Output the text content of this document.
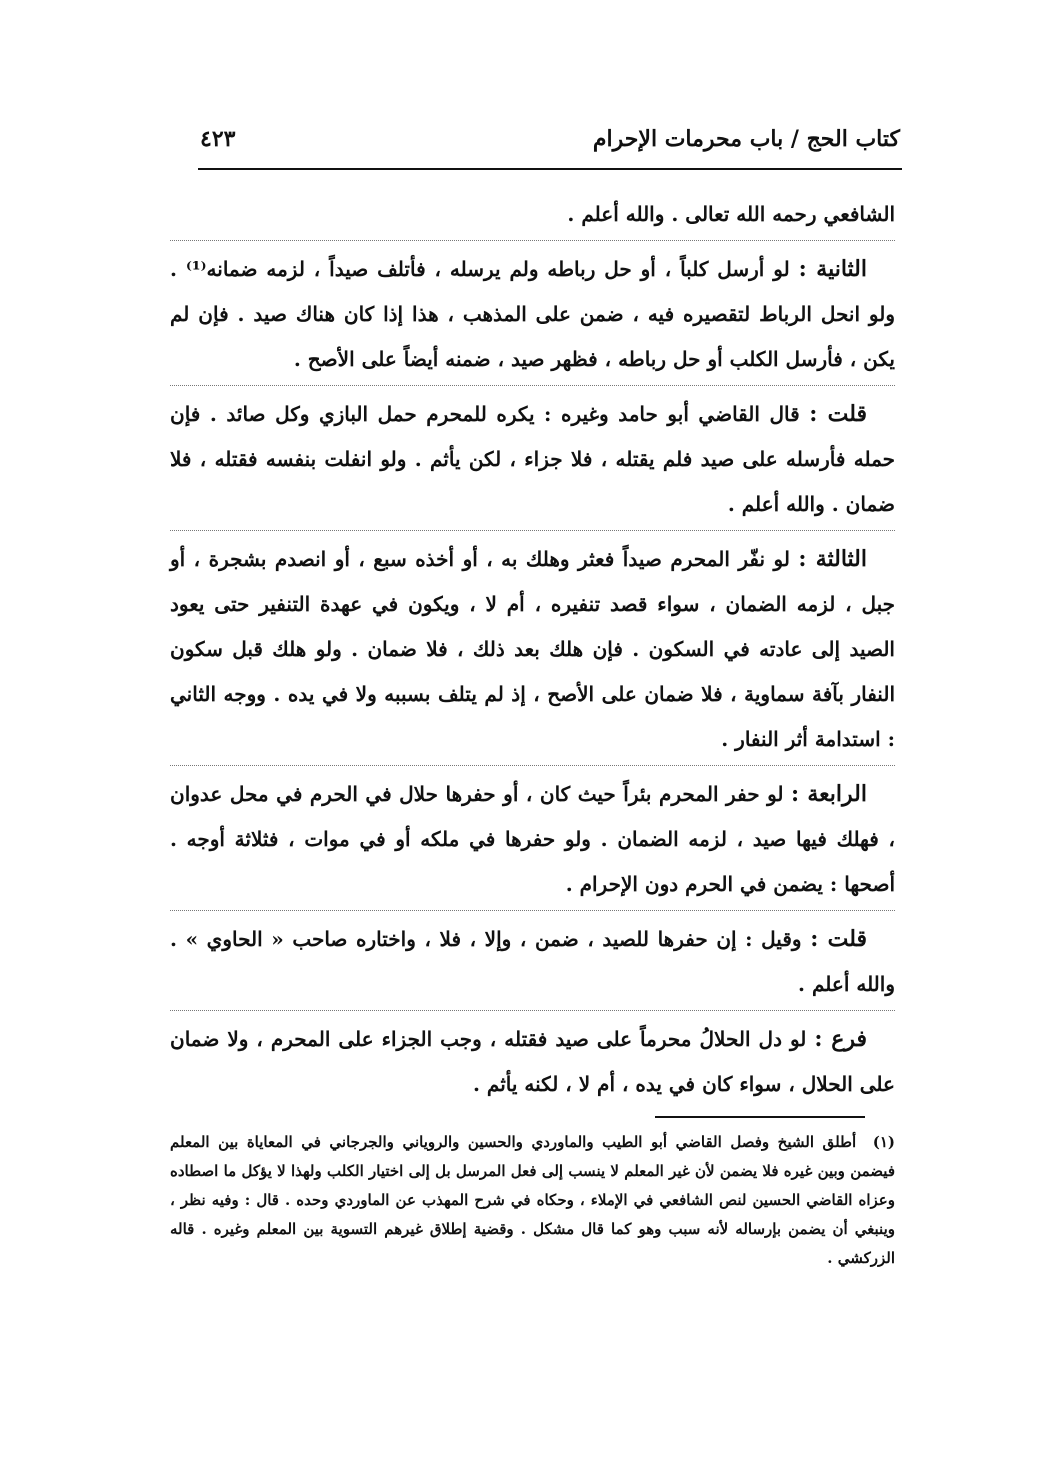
كتاب الحج / باب محرمات الإحرام
٤٢٣

الشافعي رحمه الله تعالى . والله أعلم .

الثانية : لو أرسل كلباً ، أو حل رباطه ولم يرسله ، فأتلف صيداً ، لزمه ضمانه⁽¹⁾ . ولو انحل الرباط لتقصيره فيه ، ضمن على المذهب ، هذا إذا كان هناك صيد . فإن لم يكن ، فأرسل الكلب أو حل رباطه ، فظهر صيد ، ضمنه أيضاً على الأصح .

قلت : قال القاضي أبو حامد وغيره : يكره للمحرم حمل البازي وكل صائد . فإن حمله فأرسله على صيد فلم يقتله ، فلا جزاء ، لكن يأثم . ولو انفلت بنفسه فقتله ، فلا ضمان . والله أعلم .

الثالثة : لو نفّر المحرم صيداً فعثر وهلك به ، أو أخذه سبع ، أو انصدم بشجرة ، أو جبل ، لزمه الضمان ، سواء قصد تنفيره ، أم لا ، ويكون في عهدة التنفير حتى يعود الصيد إلى عادته في السكون . فإن هلك بعد ذلك ، فلا ضمان . ولو هلك قبل سكون النفار بآفة سماوية ، فلا ضمان على الأصح ، إذ لم يتلف بسببه ولا في يده . ووجه الثاني : استدامة أثر النفار .

الرابعة : لو حفر المحرم بئراً حيث كان ، أو حفرها حلال في الحرم في محل عدوان ، فهلك فيها صيد ، لزمه الضمان . ولو حفرها في ملكه أو في موات ، فثلاثة أوجه . أصحها : يضمن في الحرم دون الإحرام .

قلت : وقيل : إن حفرها للصيد ، ضمن ، وإلا ، فلا ، واختاره صاحب « الحاوي » . والله أعلم .

فرع : لو دل الحلالُ محرماً على صيد فقتله ، وجب الجزاء على المحرم ، ولا ضمان على الحلال ، سواء كان في يده ، أم لا ، لكنه يأثم .

(١) أطلق الشيخ وفصل القاضي أبو الطيب والماوردي والحسين والروياني والجرجاني في المعاياة بين المعلم فيضمن وبين غيره فلا يضمن لأن غير المعلم لا ينسب إلى فعل المرسل بل إلى اختيار الكلب ولهذا لا يؤكل ما اصطاده وعزاه القاضي الحسين لنص الشافعي في الإملاء ، وحكاه في شرح المهذب عن الماوردي وحده . قال : وفيه نظر ، وينبغي أن يضمن بإرساله لأنه سبب وهو كما قال مشكل . وقضية إطلاق غيرهم التسوية بين المعلم وغيره . قاله الزركشي .
